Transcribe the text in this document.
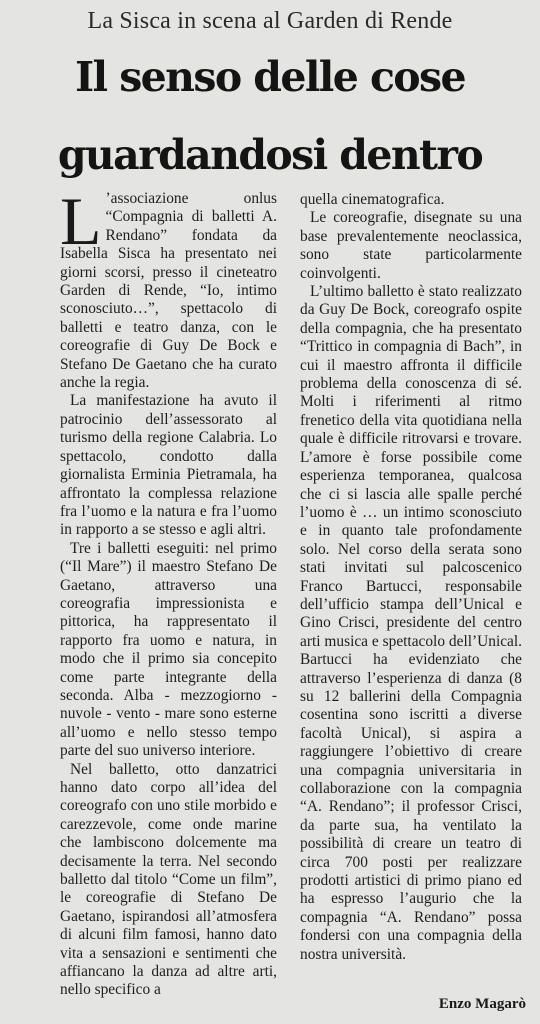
La Sisca in scena al Garden di Rende
Il senso delle cose
guardandosi dentro

L ’associazione onlus “Compagnia di balletti A. Rendano” fondata da Isabella Sisca ha presentato nei giorni scorsi, presso il cineteatro Garden di Rende, “Io, intimo sconosciuto…”, spettacolo di balletti e teatro danza, con le coreografie di Guy De Bock e Stefano De Gaetano che ha curato anche la regia.

La manifestazione ha avuto il patrocinio dell’assessorato al turismo della regione Calabria. Lo spettacolo, condotto dalla giornalista Erminia Pietramala, ha affrontato la complessa relazione fra l’uomo e la natura e fra l’uomo in rapporto a se stesso e agli altri.

Tre i balletti eseguiti: nel primo (“Il Mare”) il maestro Stefano De Gaetano, attraverso una coreografia impressionista e pittorica, ha rappresentato il rapporto fra uomo e natura, in modo che il primo sia concepito come parte integrante della seconda. Alba - mezzogiorno - nuvole - vento - mare sono esterne all’uomo e nello stesso tempo parte del suo universo interiore.

Nel balletto, otto danzatrici hanno dato corpo all’idea del coreografo con uno stile morbido e carezzevole, come onde marine che lambiscono dolcemente ma decisamente la terra. Nel secondo balletto dal titolo “Come un film”, le coreografie di Stefano De Gaetano, ispirandosi all’atmosfera di alcuni film famosi, hanno dato vita a sensazioni e sentimenti che affiancano la danza ad altre arti, nello specifico a

quella cinematografica.

Le coreografie, disegnate su una base prevalentemente neoclassica, sono state particolarmente coinvolgenti.

L’ultimo balletto è stato realizzato da Guy De Bock, coreografo ospite della compagnia, che ha presentato “Trittico in compagnia di Bach”, in cui il maestro affronta il difficile problema della conoscenza di sé. Molti i riferimenti al ritmo frenetico della vita quotidiana nella quale è difficile ritrovarsi e trovare. L’amore è forse possibile come esperienza temporanea, qualcosa che ci si lascia alle spalle perché l’uomo è … un intimo sconosciuto e in quanto tale profondamente solo. Nel corso della serata sono stati invitati sul palcoscenico Franco Bartucci, responsabile dell’ufficio stampa dell’Unical e Gino Crisci, presidente del centro arti musica e spettacolo dell’Unical. Bartucci ha evidenziato che attraverso l’esperienza di danza (8 su 12 ballerini della Compagnia cosentina sono iscritti a diverse facoltà Unical), si aspira a raggiungere l’obiettivo di creare una compagnia universitaria in collaborazione con la compagnia “A. Rendano”; il professor Crisci, da parte sua, ha ventilato la possibilità di creare un teatro di circa 700 posti per realizzare prodotti artistici di primo piano ed ha espresso l’augurio che la compagnia “A. Rendano” possa fondersi con una compagnia della nostra università.

Enzo Magarò
